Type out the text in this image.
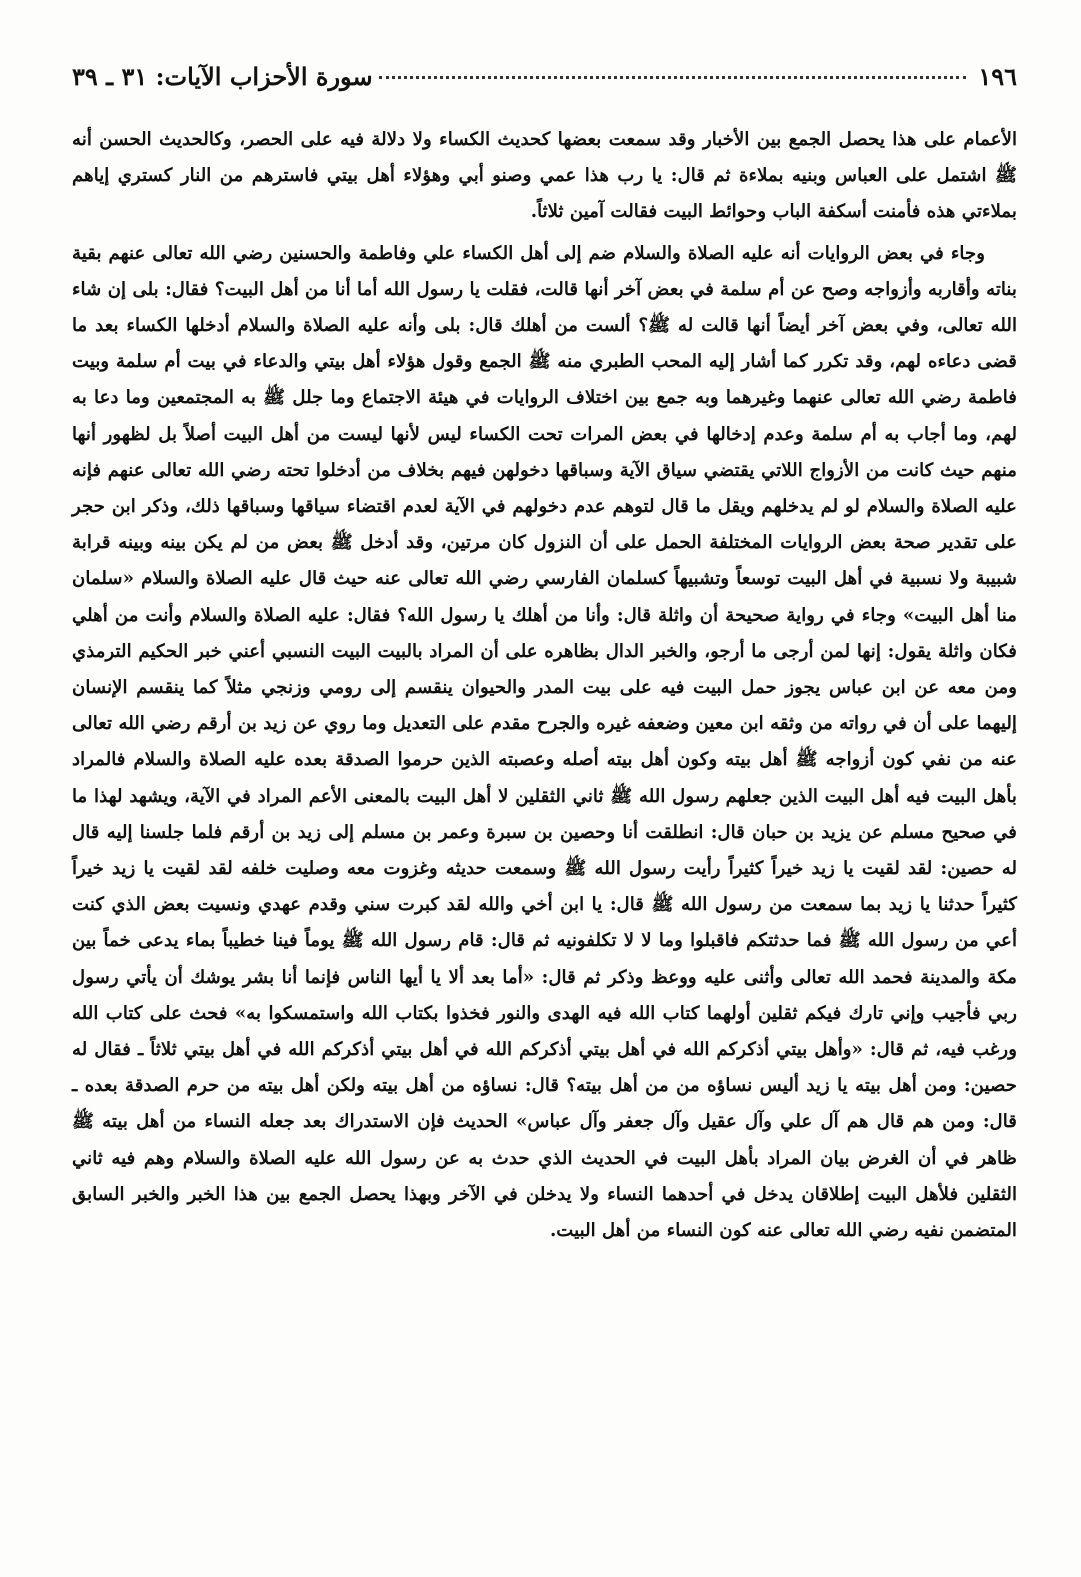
١٩٦
سورة الأحزاب الآيات: ٣١ ـ ٣٩

الأعمام على هذا يحصل الجمع بين الأخبار وقد سمعت بعضها كحديث الكساء ولا دلالة فيه على الحصر، وكالحديث الحسن أنه ﷺ اشتمل على العباس وبنيه بملاءة ثم قال: يا رب هذا عمي وصنو أبي وهؤلاء أهل بيتي فاسترهم من النار كستري إياهم بملاءتي هذه فأمنت أسكفة الباب وحوائط البيت فقالت آمين ثلاثاً.

وجاء في بعض الروايات أنه عليه الصلاة والسلام ضم إلى أهل الكساء علي وفاطمة والحسنين رضي الله تعالى عنهم بقية بناته وأقاربه وأزواجه وصح عن أم سلمة في بعض آخر أنها قالت، فقلت يا رسول الله أما أنا من أهل البيت؟ فقال: بلى إن شاء الله تعالى، وفي بعض آخر أيضاً أنها قالت له ﷺ؟ ألست من أهلك قال: بلى وأنه عليه الصلاة والسلام أدخلها الكساء بعد ما قضى دعاءه لهم، وقد تكرر كما أشار إليه المحب الطبري منه ﷺ الجمع وقول هؤلاء أهل بيتي والدعاء في بيت أم سلمة وبيت فاطمة رضي الله تعالى عنهما وغيرهما وبه جمع بين اختلاف الروايات في هيئة الاجتماع وما جلل ﷺ به المجتمعين وما دعا به لهم، وما أجاب به أم سلمة وعدم إدخالها في بعض المرات تحت الكساء ليس لأنها ليست من أهل البيت أصلاً بل لظهور أنها منهم حيث كانت من الأزواج اللاتي يقتضي سياق الآية وسباقها دخولهن فيهم بخلاف من أدخلوا تحته رضي الله تعالى عنهم فإنه عليه الصلاة والسلام لو لم يدخلهم ويقل ما قال لتوهم عدم دخولهم في الآية لعدم اقتضاء سياقها وسباقها ذلك، وذكر ابن حجر على تقدير صحة بعض الروايات المختلفة الحمل على أن النزول كان مرتين، وقد أدخل ﷺ بعض من لم يكن بينه وبينه قرابة شبيبة ولا نسبية في أهل البيت توسعاً وتشبيهاً كسلمان الفارسي رضي الله تعالى عنه حيث قال عليه الصلاة والسلام «سلمان منا أهل البيت» وجاء في رواية صحيحة أن واثلة قال: وأنا من أهلك يا رسول الله؟ فقال: عليه الصلاة والسلام وأنت من أهلي فكان واثلة يقول: إنها لمن أرجى ما أرجو، والخبر الدال بظاهره على أن المراد بالبيت البيت النسبي أعني خبر الحكيم الترمذي ومن معه عن ابن عباس يجوز حمل البيت فيه على بيت المدر والحيوان ينقسم إلى رومي وزنجي مثلاً كما ينقسم الإنسان إليهما على أن في رواته من وثقه ابن معين وضعفه غيره والجرح مقدم على التعديل وما روي عن زيد بن أرقم رضي الله تعالى عنه من نفي كون أزواجه ﷺ أهل بيته وكون أهل بيته أصله وعصبته الذين حرموا الصدقة بعده عليه الصلاة والسلام فالمراد بأهل البيت فيه أهل البيت الذين جعلهم رسول الله ﷺ ثاني الثقلين لا أهل البيت بالمعنى الأعم المراد في الآية، ويشهد لهذا ما في صحيح مسلم عن يزيد بن حبان قال: انطلقت أنا وحصين بن سبرة وعمر بن مسلم إلى زيد بن أرقم فلما جلسنا إليه قال له حصين: لقد لقيت يا زيد خيراً كثيراً رأيت رسول الله ﷺ وسمعت حديثه وغزوت معه وصليت خلفه لقد لقيت يا زيد خيراً كثيراً حدثنا يا زيد بما سمعت من رسول الله ﷺ قال: يا ابن أخي والله لقد كبرت سني وقدم عهدي ونسيت بعض الذي كنت أعي من رسول الله ﷺ فما حدثتكم فاقبلوا وما لا لا تكلفونيه ثم قال: قام رسول الله ﷺ يوماً فينا خطيباً بماء يدعى خماً بين مكة والمدينة فحمد الله تعالى وأثنى عليه ووعظ وذكر ثم قال: «أما بعد ألا يا أيها الناس فإنما أنا بشر يوشك أن يأتي رسول ربي فأجيب وإني تارك فيكم ثقلين أولهما كتاب الله فيه الهدى والنور فخذوا بكتاب الله واستمسكوا به» فحث على كتاب الله ورغب فيه، ثم قال: «وأهل بيتي أذكركم الله في أهل بيتي أذكركم الله في أهل بيتي أذكركم الله في أهل بيتي ثلاثاً ـ فقال له حصين: ومن أهل بيته يا زيد أليس نساؤه من من أهل بيته؟ قال: نساؤه من أهل بيته ولكن أهل بيته من حرم الصدقة بعده ـ قال: ومن هم قال هم آل علي وآل عقيل وآل جعفر وآل عباس» الحديث فإن الاستدراك بعد جعله النساء من أهل بيته ﷺ ظاهر في أن الغرض بيان المراد بأهل البيت في الحديث الذي حدث به عن رسول الله عليه الصلاة والسلام وهم فيه ثاني الثقلين فلأهل البيت إطلاقان يدخل في أحدهما النساء ولا يدخلن في الآخر وبهذا يحصل الجمع بين هذا الخبر والخبر السابق المتضمن نفيه رضي الله تعالى عنه كون النساء من أهل البيت.
